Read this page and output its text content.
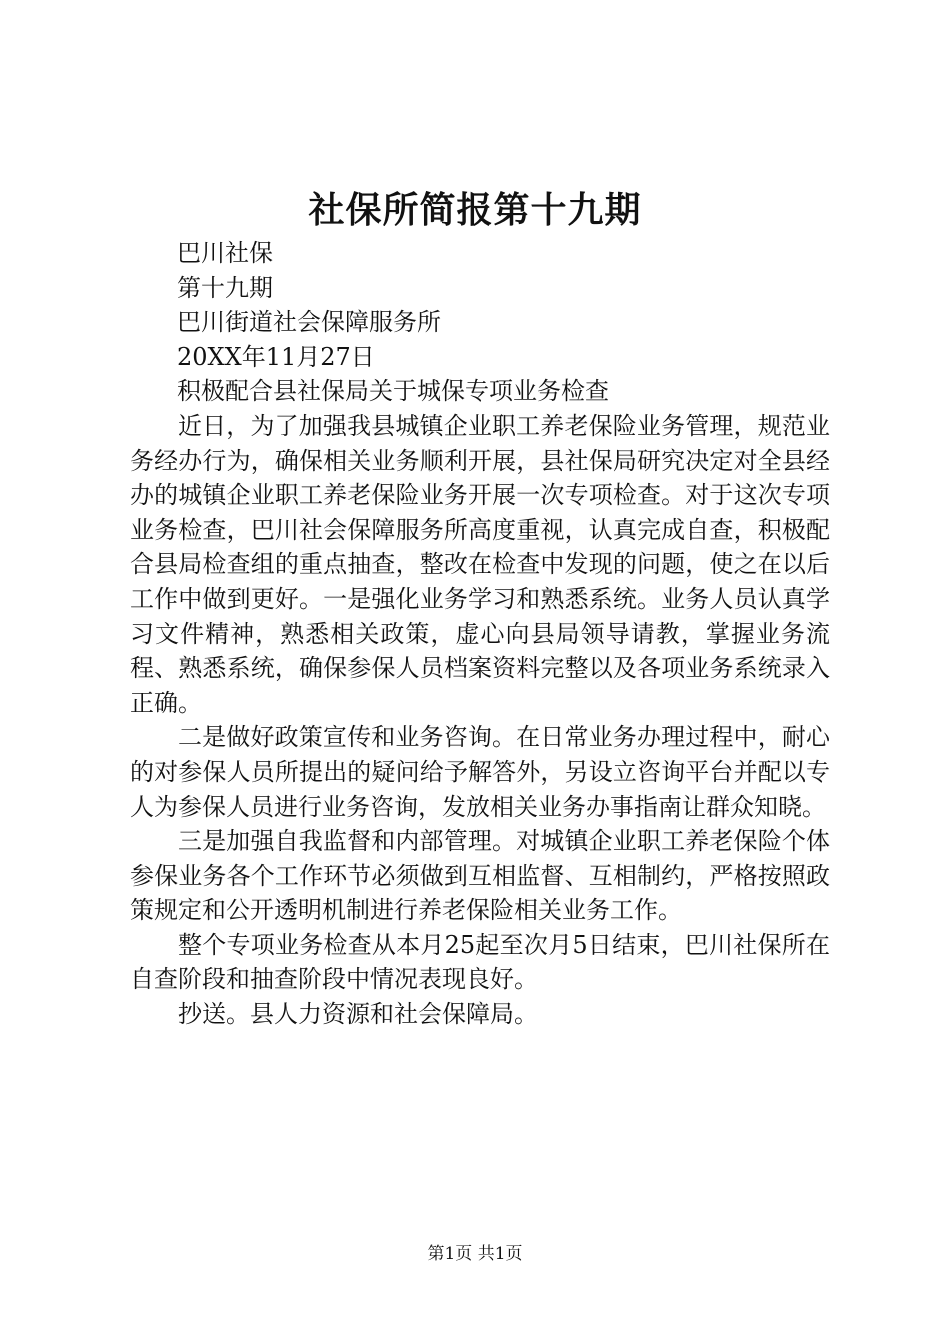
社保所简报第十九期

巴川社保

第十九期

巴川街道社会保障服务所

20XX年11月27日

积极配合县社保局关于城保专项业务检查

近日，为了加强我县城镇企业职工养老保险业务管理，规范业务经办行为，确保相关业务顺利开展，县社保局研究决定对全县经办的城镇企业职工养老保险业务开展一次专项检查。对于这次专项业务检查，巴川社会保障服务所高度重视，认真完成自查，积极配合县局检查组的重点抽查，整改在检查中发现的问题，使之在以后工作中做到更好。一是强化业务学习和熟悉系统。业务人员认真学习文件精神，熟悉相关政策，虚心向县局领导请教，掌握业务流程、熟悉系统，确保参保人员档案资料完整以及各项业务系统录入正确。

二是做好政策宣传和业务咨询。在日常业务办理过程中，耐心的对参保人员所提出的疑问给予解答外，另设立咨询平台并配以专人为参保人员进行业务咨询，发放相关业务办事指南让群众知晓。

三是加强自我监督和内部管理。对城镇企业职工养老保险个体参保业务各个工作环节必须做到互相监督、互相制约，严格按照政策规定和公开透明机制进行养老保险相关业务工作。

整个专项业务检查从本月25起至次月5日结束，巴川社保所在自查阶段和抽查阶段中情况表现良好。

抄送。县人力资源和社会保障局。

第1页 共1页
